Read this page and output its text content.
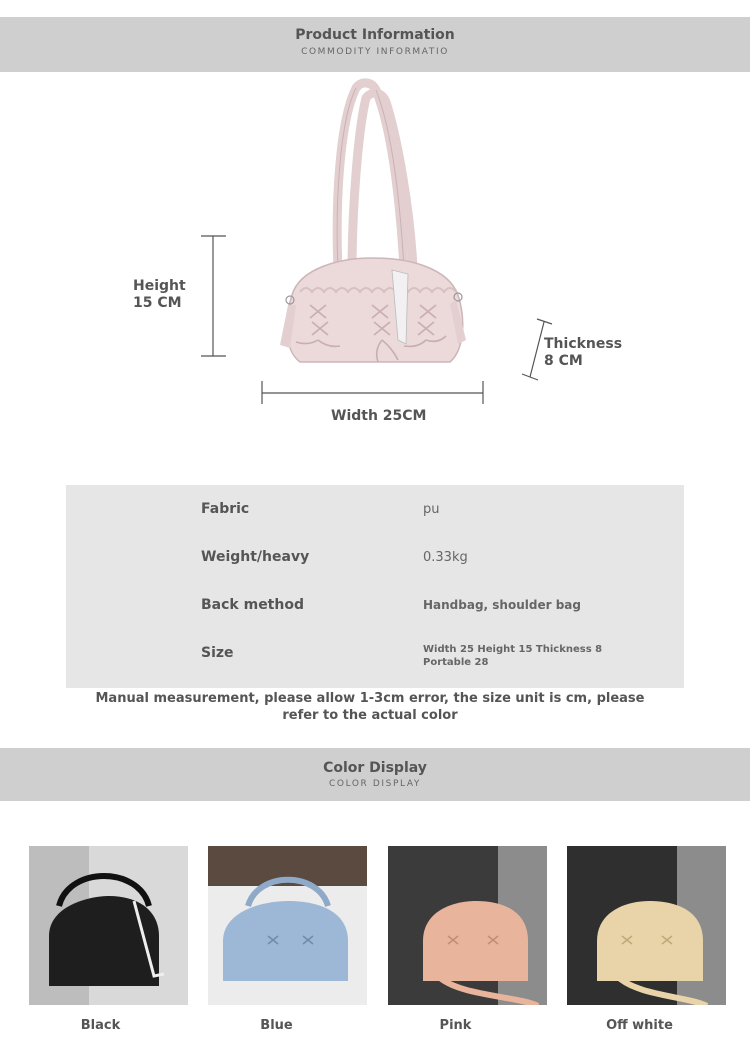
Product Information
COMMODITY INFORMATIO
Height 15 CM
Width 25CM
Thickness 8 CM
Fabric	pu
Weight/heavy	0.33kg
Back method	Handbag, shoulder bag
Size	Width 25 Height 15 Thickness 8 Portable 28
Manual measurement, please allow 1-3cm error, the size unit is cm, please refer to the actual color
Color Display
COLOR DISPLAY
Black	Blue	Pink	Off white
